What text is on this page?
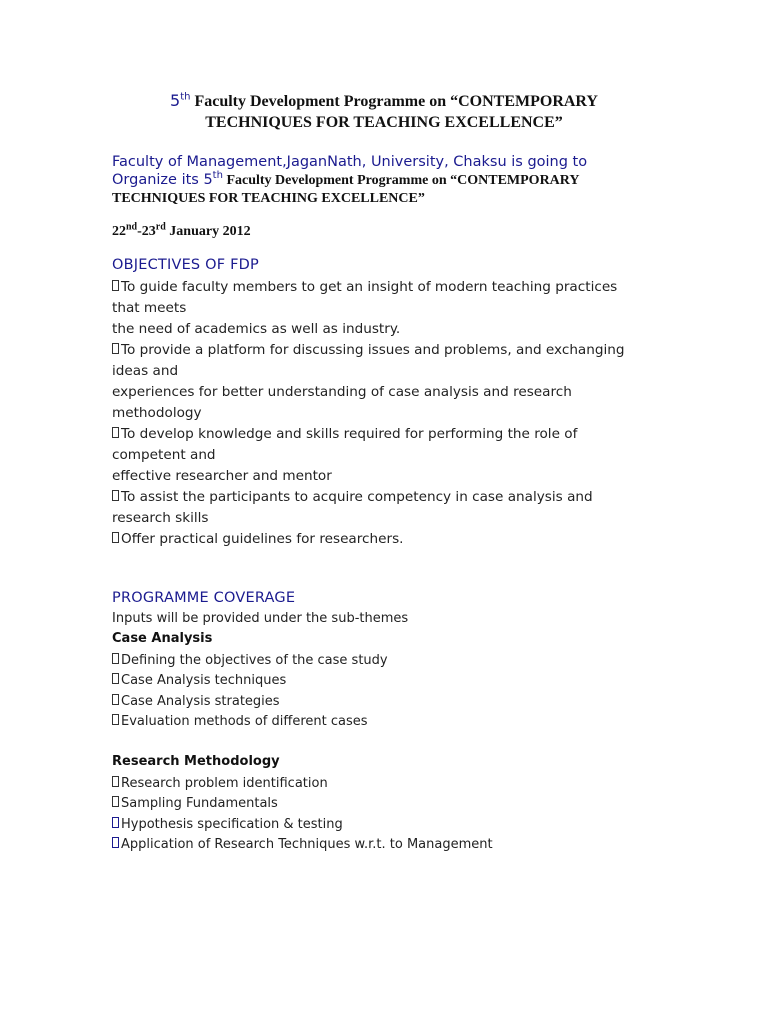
5th Faculty Development Programme on “CONTEMPORARY
TECHNIQUES FOR TEACHING EXCELLENCE”
Faculty of Management,JaganNath, University, Chaksu is going to
Organize its 5th Faculty Development Programme on “CONTEMPORARY
TECHNIQUES FOR TEACHING EXCELLENCE”
22nd-23rd January 2012
OBJECTIVES OF FDP
To guide faculty members to get an insight of modern teaching practices
that meets
the need of academics as well as industry.
To provide a platform for discussing issues and problems, and exchanging
ideas and
experiences for better understanding of case analysis and research
methodology
To develop knowledge and skills required for performing the role of
competent and
effective researcher and mentor
To assist the participants to acquire competency in case analysis and
research skills
Offer practical guidelines for researchers.
PROGRAMME COVERAGE
Inputs will be provided under the sub-themes
Case Analysis
Defining the objectives of the case study
Case Analysis techniques
Case Analysis strategies
Evaluation methods of different cases
Research Methodology
Research problem identification
Sampling Fundamentals
Hypothesis specification & testing
Application of Research Techniques w.r.t. to Management
